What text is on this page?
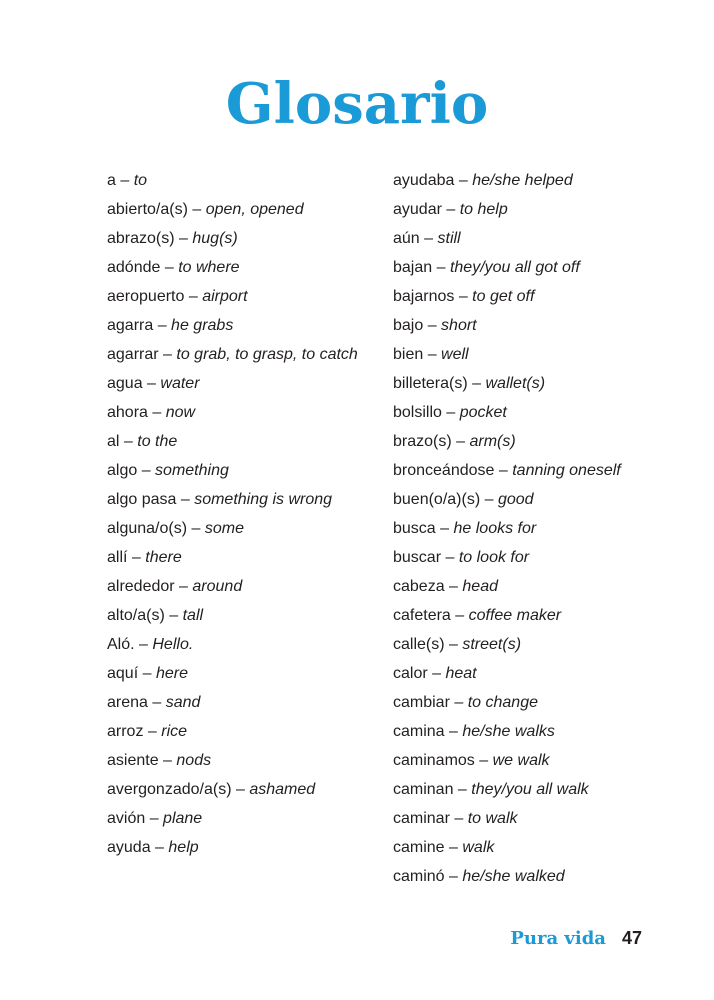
Glosario
a – to
abierto/a(s) – open, opened
abrazo(s) – hug(s)
adónde – to where
aeropuerto – airport
agarra – he grabs
agarrar – to grab, to grasp, to catch
agua – water
ahora – now
al – to the
algo – something
algo pasa – something is wrong
alguna/o(s) – some
allí – there
alrededor – around
alto/a(s) – tall
Aló. – Hello.
aquí – here
arena – sand
arroz – rice
asiente – nods
avergonzado/a(s) – ashamed
avión – plane
ayuda – help
ayudaba – he/she helped
ayudar – to help
aún – still
bajan – they/you all got off
bajarnos – to get off
bajo – short
bien – well
billetera(s) – wallet(s)
bolsillo – pocket
brazo(s) – arm(s)
bronceándose – tanning oneself
buen(o/a)(s) – good
busca – he looks for
buscar – to look for
cabeza – head
cafetera – coffee maker
calle(s) – street(s)
calor – heat
cambiar – to change
camina – he/she walks
caminamos – we walk
caminan – they/you all walk
caminar – to walk
camine – walk
caminó – he/she walked
Pura vida 47
